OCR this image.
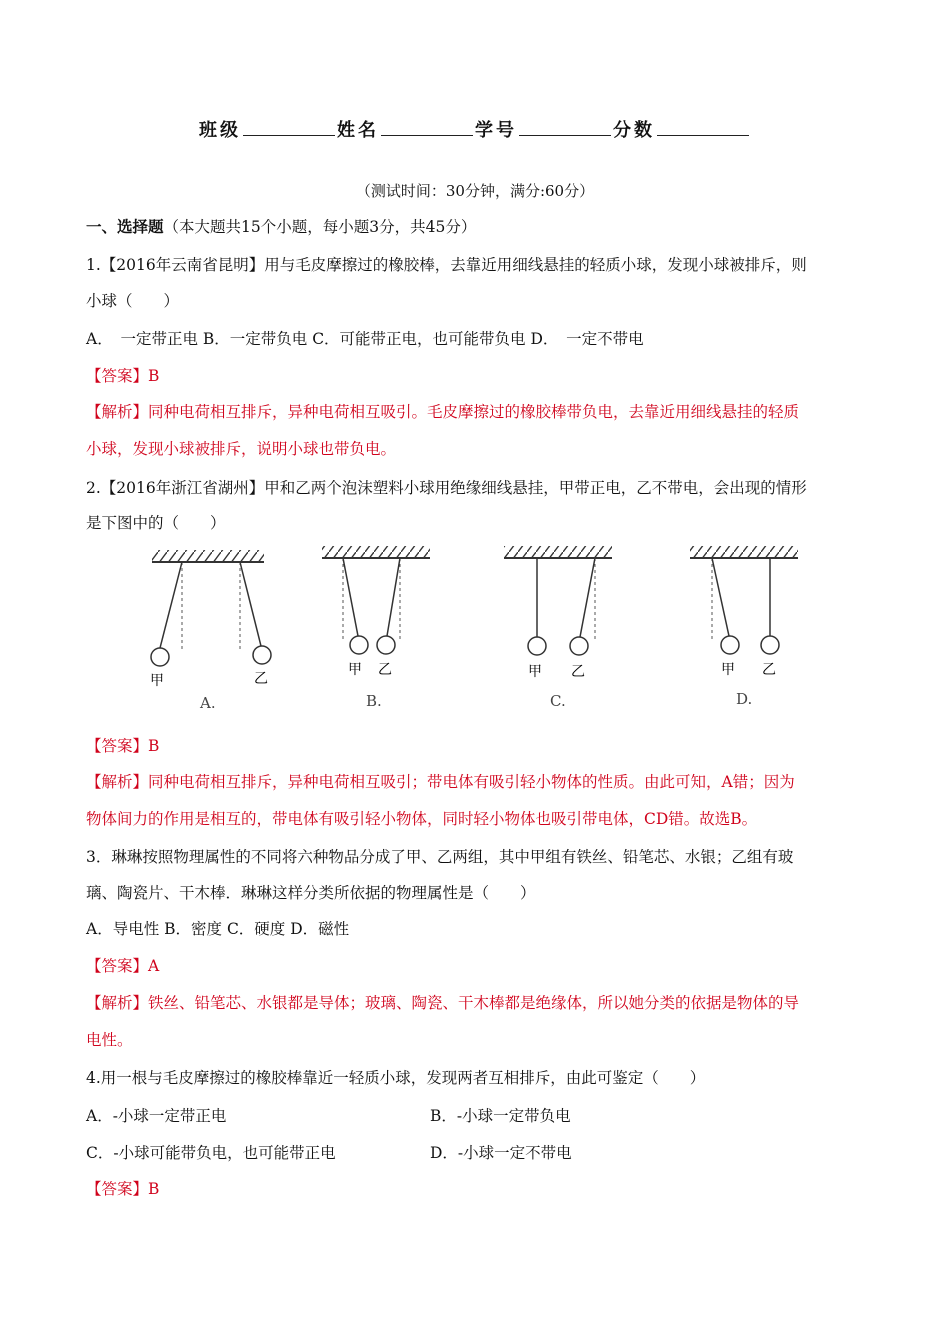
班级	姓名	学号	分数
（测试时间：30分钟，满分:60分）
一、选择题（本大题共15个小题，每小题3分，共45分）
1.【2016年云南省昆明】用与毛皮摩擦过的橡胶棒，去靠近用细线悬挂的轻质小球，发现小球被排斥，则
小球（　　）
A．　一定带正电 B．一定带负电 C．可能带正电，也可能带负电 D．　一定不带电
【答案】B
【解析】同种电荷相互排斥，异种电荷相互吸引。毛皮摩擦过的橡胶棒带负电，去靠近用细线悬挂的轻质
小球，发现小球被排斥，说明小球也带负电。
2.【2016年浙江省湖州】甲和乙两个泡沫塑料小球用绝缘细线悬挂，甲带正电，乙不带电，会出现的情形
是下图中的（　　）
甲	乙
A.
甲 乙
B.
甲 乙
C.
甲 乙
D.
【答案】B
【解析】同种电荷相互排斥，异种电荷相互吸引；带电体有吸引轻小物体的性质。由此可知，A错；因为
物体间力的作用是相互的，带电体有吸引轻小物体，同时轻小物体也吸引带电体，CD错。故选B。
3．琳琳按照物理属性的不同将六种物品分成了甲、乙两组，其中甲组有铁丝、铅笔芯、水银；乙组有玻
璃、陶瓷片、干木棒．琳琳这样分类所依据的物理属性是（　　）
A．导电性 B．密度 C．硬度 D．磁性
【答案】A
【解析】铁丝、铅笔芯、水银都是导体；玻璃、陶瓷、干木棒都是绝缘体，所以她分类的依据是物体的导
电性。
4.用一根与毛皮摩擦过的橡胶棒靠近一轻质小球，发现两者互相排斥，由此可鉴定（　　）
A．-小球一定带正电	B．-小球一定带负电
C．-小球可能带负电，也可能带正电	D．-小球一定不带电
【答案】B
